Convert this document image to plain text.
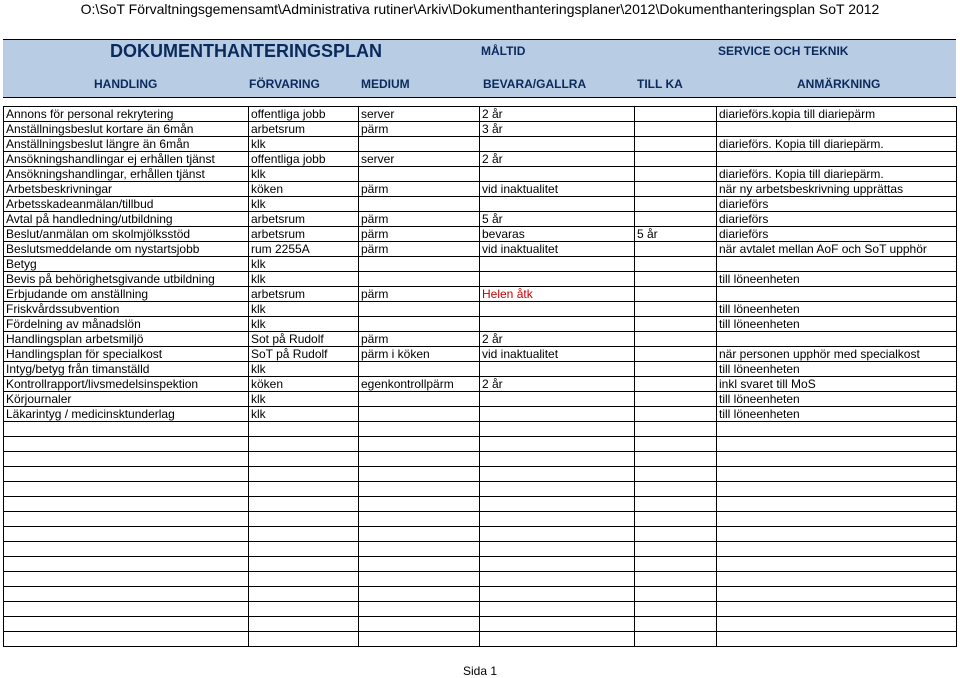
O:\SoT Förvaltningsgemensamt\Administrativa rutiner\Arkiv\Dokumenthanteringsplaner\2012\Dokumenthanteringsplan SoT 2012
DOKUMENTHANTERINGSPLAN	MÅLTID	SERVICE OCH TEKNIK
HANDLING	FÖRVARING	MEDIUM	BEVARA/GALLRA	TILL KA	ANMÄRKNING
Annons för personal rekrytering	offentliga jobb	server	2 år		diarieförs.kopia till diariepärm
Anställningsbeslut kortare än 6mån	arbetsrum	pärm	3 år		
Anställningsbeslut längre än 6mån	klk				diarieförs. Kopia till diariepärm.
Ansökningshandlingar ej erhållen tjänst	offentliga jobb	server	2 år		
Ansökningshandlingar, erhållen tjänst	klk				diarieförs. Kopia till diariepärm.
Arbetsbeskrivningar	köken	pärm	vid inaktualitet		när ny arbetsbeskrivning upprättas
Arbetsskadeanmälan/tillbud	klk				diarieförs
Avtal på handledning/utbildning	arbetsrum	pärm	5 år		diarieförs
Beslut/anmälan om skolmjölksstöd	arbetsrum	pärm	bevaras	5 år	diarieförs
Beslutsmeddelande om nystartsjobb	rum 2255A	pärm	vid inaktualitet		när avtalet mellan AoF och SoT upphör
Betyg	klk				
Bevis på behörighetsgivande utbildning	klk				till löneenheten
Erbjudande om anställning	arbetsrum	pärm	Helen åtk		
Friskvårdssubvention	klk				till löneenheten
Fördelning av månadslön	klk				till löneenheten
Handlingsplan arbetsmiljö	Sot på Rudolf	pärm	2 år		
Handlingsplan för specialkost	SoT på Rudolf	pärm i köken	vid inaktualitet		när personen upphör med specialkost
Intyg/betyg från timanställd	klk				till löneenheten
Kontrollrapport/livsmedelsinspektion	köken	egenkontrollpärm	2 år		inkl svaret till MoS
Körjournaler	klk				till löneenheten
Läkarintyg / medicinsktunderlag	klk				till löneenheten

Sida 1
